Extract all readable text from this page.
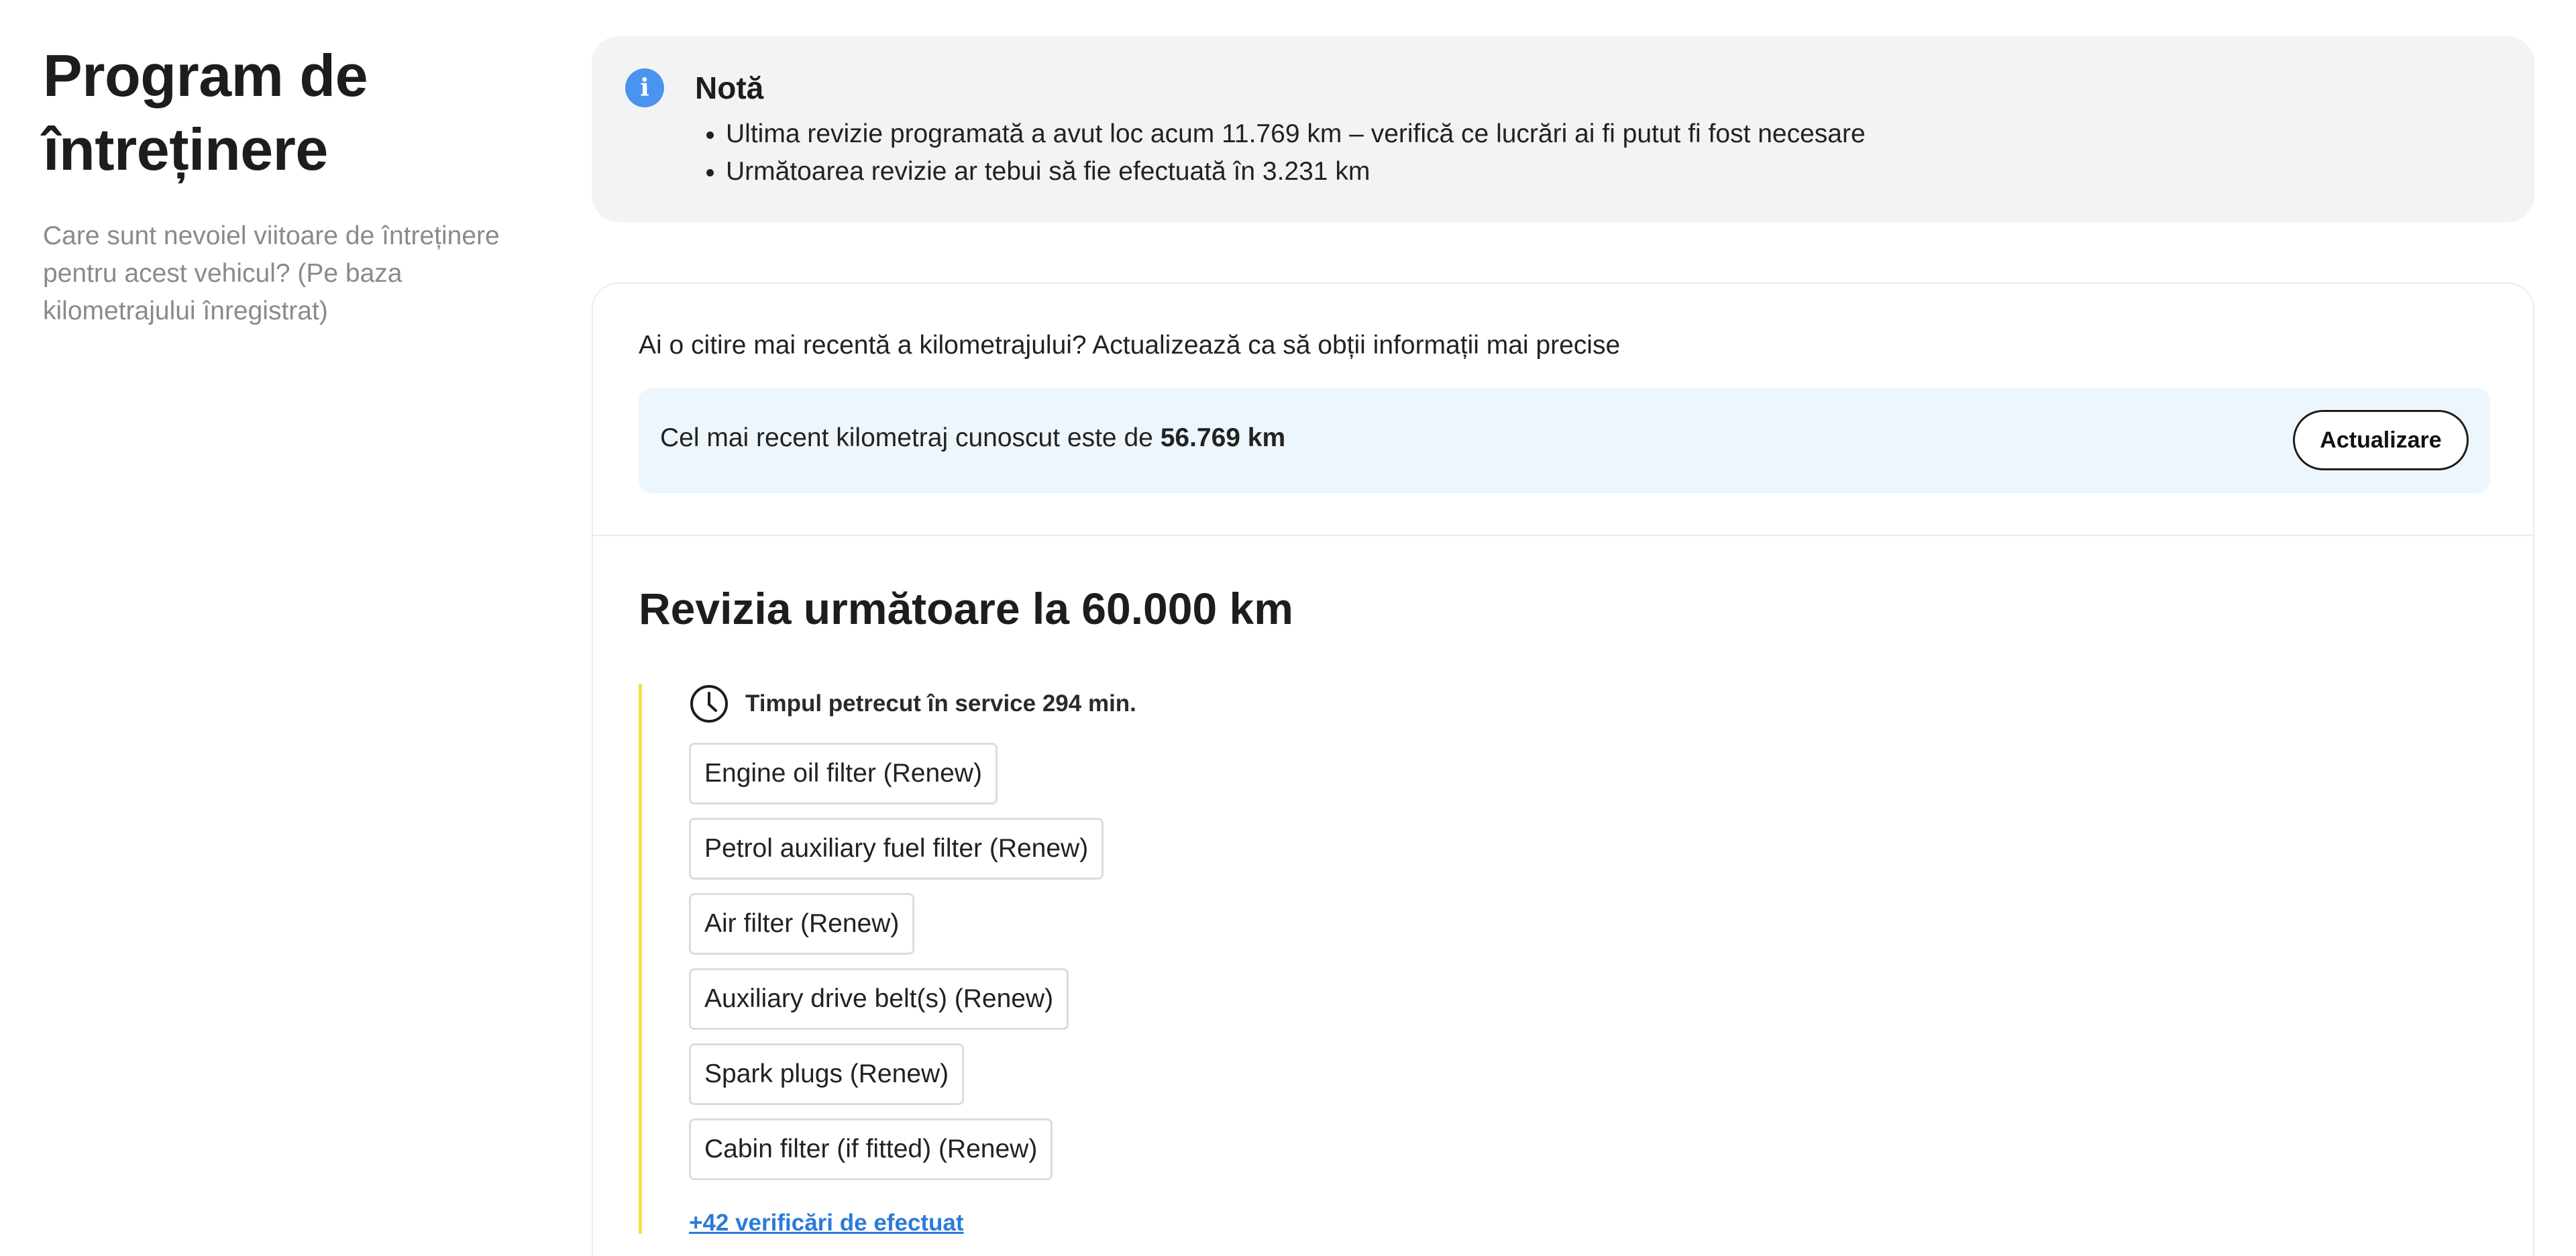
Program de întreținere

Care sunt nevoiel viitoare de întreținere pentru acest vehicul? (Pe baza kilometrajului înregistrat)

i	Notă
• Ultima revizie programată a avut loc acum 11.769 km – verifică ce lucrări ai fi putut fi fost necesare
• Următoarea revizie ar tebui să fie efectuată în 3.231 km
Ai o citire mai recentă a kilometrajului? Actualizează ca să obții informații mai precise
Cel mai recent kilometraj cunoscut este de 56.769 km	Actualizare
Revizia următoare la 60.000 km
Timpul petrecut în service 294 min.
Engine oil filter (Renew)
Petrol auxiliary fuel filter (Renew)
Air filter (Renew)
Auxiliary drive belt(s) (Renew)
Spark plugs (Renew)
Cabin filter (if fitted) (Renew)
+42 verificări de efectuat
